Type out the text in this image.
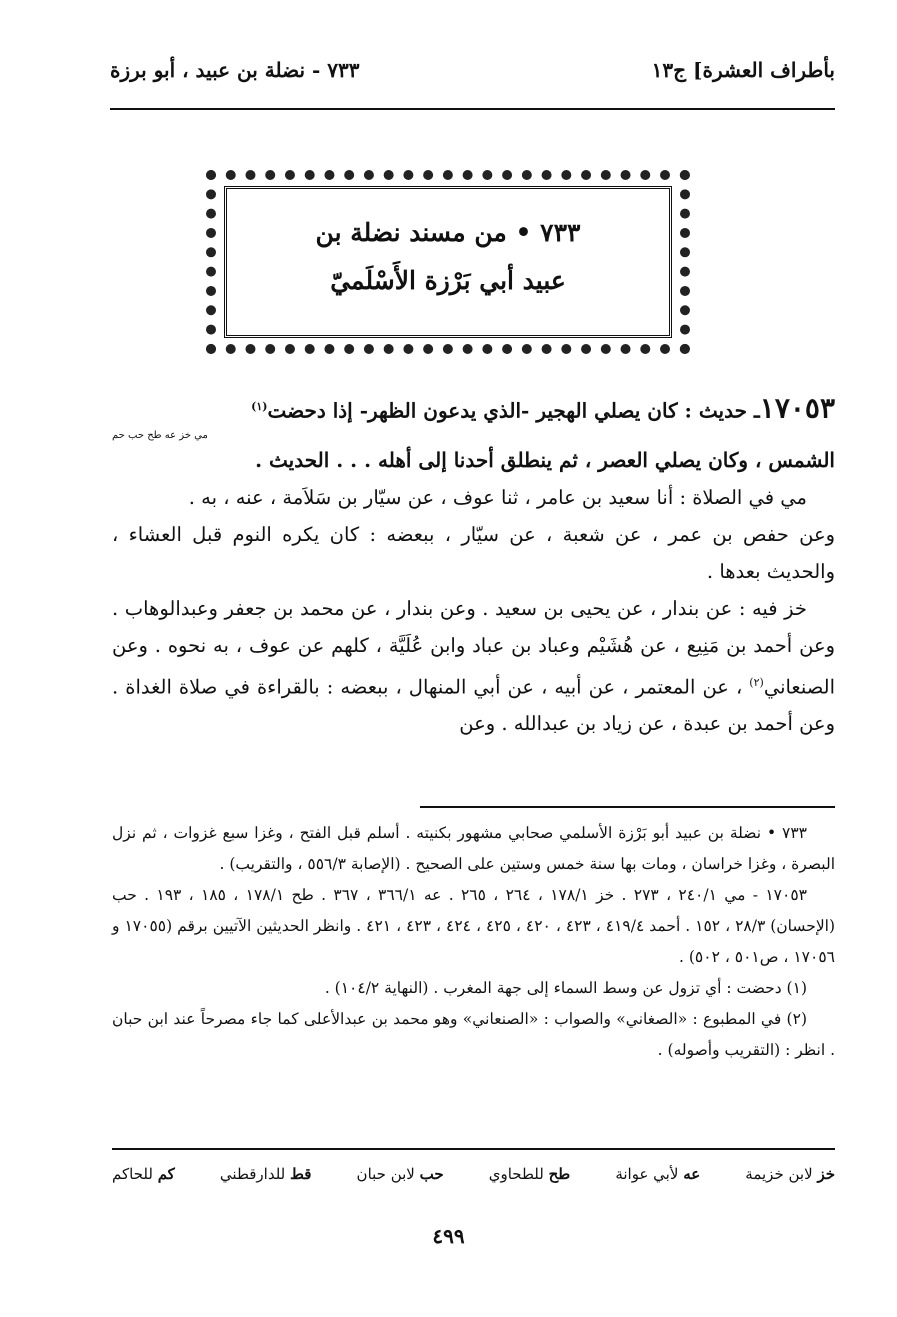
بأطراف العشرة] ج١٣
٧٣٣ - نضلة بن عبيد ، أبو برزة
٧٣٣ • من مسند نضلة بن
عبيد أبي بَرْزة الأَسْلَميّ

١٧٠٥٣ـ حديث : كان يصلي الهجير -الذي يدعون الظهر- إذا دحضت$^{(١)}$

مي خز عه طح حب حم

الشمس ، وكان يصلي العصر ، ثم ينطلق أحدنا إلى أهله . . . الحديث .

مي في الصلاة : أنا سعيد بن عامر ، ثنا عوف ، عن سيّار بن سَلاَمة ، عنه ، به .

وعن حفص بن عمر ، عن شعبة ، عن سيّار ، ببعضه : كان يكره النوم قبل العشاء ، والحديث بعدها .

خز فيه : عن بندار ، عن يحيى بن سعيد . وعن بندار ، عن محمد بن جعفر وعبدالوهاب . وعن أحمد بن مَنِيع ، عن هُشَيْم وعباد بن عباد وابن عُلَيَّة ، كلهم عن عوف ، به نحوه . وعن الصنعاني$^{(٢)}$ ، عن المعتمر ، عن أبيه ، عن أبي المنهال ، ببعضه : بالقراءة في صلاة الغداة . وعن أحمد بن عبدة ، عن زياد بن عبدالله . وعن

٧٣٣ • نضلة بن عبيد أبو بَرْزة الأسلمي صحابي مشهور بكنيته . أسلم قبل الفتح ، وغزا سبع غزوات ، ثم نزل البصرة ، وغزا خراسان ، ومات بها سنة خمس وستين على الصحيح . (الإصابة ٥٥٦/٣ ، والتقريب) .

١٧٠٥٣ - مي ٢٤٠/١ ، ٢٧٣ . خز ١٧٨/١ ، ٢٦٤ ، ٢٦٥ . عه ٣٦٦/١ ، ٣٦٧ . طح ١٧٨/١ ، ١٨٥ ، ١٩٣ . حب (الإحسان) ٢٨/٣ ، ١٥٢ . أحمد ٤١٩/٤ ، ٤٢٣ ، ٤٢٠ ، ٤٢٥ ، ٤٢٤ ، ٤٢٣ ، ٤٢١ . وانظر الحديثين الآتيين برقم (١٧٠٥٥ و ١٧٠٥٦ ، ص٥٠١ ، ٥٠٢) .

(١) دحضت : أي تزول عن وسط السماء إلى جهة المغرب . (النهاية ١٠٤/٢) .

(٢) في المطبوع : «الصغاني» والصواب : «الصنعاني» وهو محمد بن عبدالأعلى كما جاء مصرحاً عند ابن حبان . انظر : (التقريب وأصوله) .

خز لابن خزيمة
عه لأبي عوانة
طح للطحاوي
حب لابن حبان
قط للدارقطني
كم للحاكم
٤٩٩
